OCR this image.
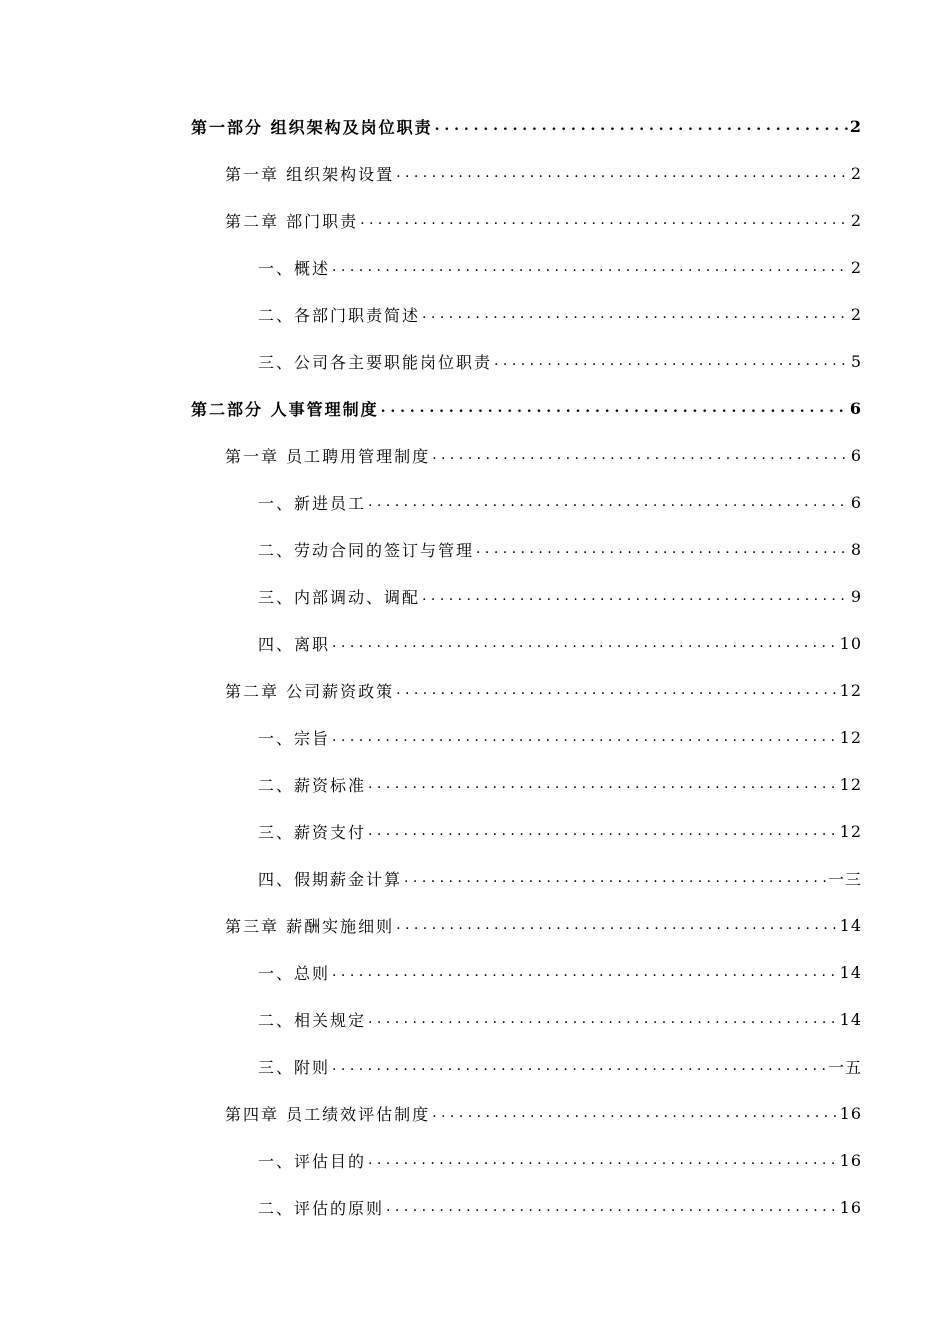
第一部分 组织架构及岗位职责 . . .	2
第一章 组织架构设置 . . .	2
第二章 部门职责 . . .	2
一、概述 . . .	2
二、各部门职责简述 . . .	2
三、公司各主要职能岗位职责 . . .	5
第二部分 人事管理制度 . . .	6
第一章 员工聘用管理制度 . . .	6
一、新进员工 . . .	6
二、劳动合同的签订与管理 . . .	8
三、内部调动、调配 . . .	9
四、离职 . . .	10
第二章 公司薪资政策 . . .	12
一、宗旨 . . .	12
二、薪资标准 . . .	12
三、薪资支付 . . .	12
四、假期薪金计算 . . .	一三
第三章 薪酬实施细则 . . .	14
一、总则 . . .	14
二、相关规定 . . .	14
三、附则 . . .	一五
第四章 员工绩效评估制度 . . .	16
一、评估目的 . . .	16
二、评估的原则 . . .	16
